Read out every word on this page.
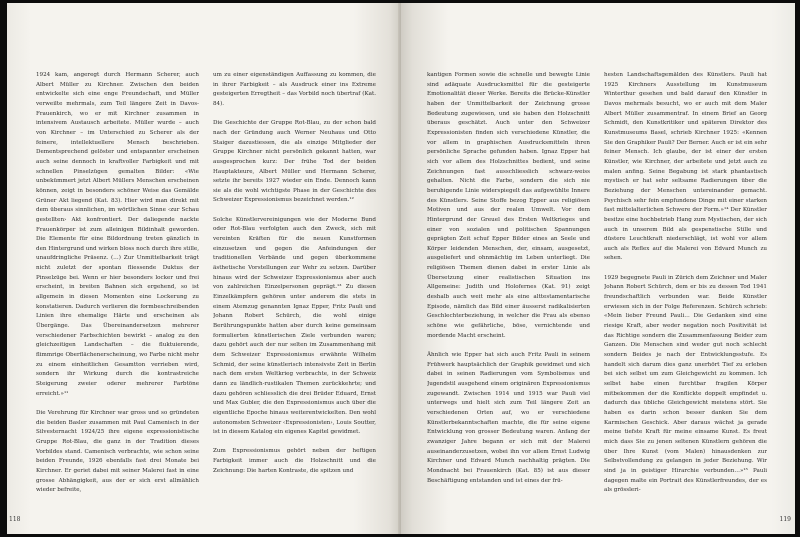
1924 kam, angeregt durch Hermann Scherer, auch Albert Müller zu Kirchner. Zwischen den beiden entwickelte sich eine enge Freundschaft, und Müller verweilte mehrmals, zum Teil längere Zeit in Davos-Frauenkirch, wo er mit Kirchner zusammen in intensivem Austausch arbeitete. Müller wurde – auch von Kirchner – im Unterschied zu Scherer als der feinere, intellektuellere Mensch beschrieben. Dementsprechend gelöster und entspannter erscheinen auch seine dennoch in kraftvoller Farbigkeit und mit schnellen Pinselzügen gemalten Bilder: «Wie unbekümmert jetzt Albert Müllers Menschen erscheinen können, zeigt in besonders schöner Weise das Gemälde Grüner Akt liegend (Kat. 83). Hier wird man direkt mit dem überaus sinnlichen, im wörtlichen Sinne ‹zur Schau gestellten› Akt konfrontiert. Der daliegende nackte Frauenkörper ist zum alleinigen Bildinhalt geworden. Die Elemente für eine Bildordnung treten gänzlich in den Hintergrund und wirken bloss noch durch ihre stille, unaufdringliche Präsenz. (…) Zur Unmittelbarkeit trägt nicht zuletzt der spontan fliessende Duktus der Pinselzüge bei. Wenn er hier besonders locker und frei erscheint, in breiten Bahnen sich ergehend, so ist allgemein in diesen Momenten eine Lockerung zu konstatieren. Dadurch verlieren die formbeschreibenden Linien ihre ehemalige Härte und erscheinen als Übergänge. Das Übereinandersetzen mehrerer verschiedener Farbschichten bewirkt – analog zu den gleichzeitigen Landschaften – die fluktuierende, flimmrige Oberflächenerscheinung, wo Farbe nicht mehr zu einem einheitlichen Gesamtton verrieben wird, sondern ihr Wirkung durch die kontrastreiche Steigerung zweier oderer mehrerer Farbtöne erreicht.»¹¹

Die Verehrung für Kirchner war gross und so gründeten die beiden Basler zusammen mit Paul Camenisch in der Silvesternacht 1924/25 ihre eigene expressionistische Gruppe Rot-Blau, die ganz in der Tradition dieses Vorbildes stand. Camenisch verbrachte, wie schon seine beiden Freunde, 1926 ebenfalls fast drei Monate bei Kirchner. Er geriet dabei mit seiner Malerei fast in eine grosse Abhängigkeit, aus der er sich erst allmählich wieder befreite,

um zu einer eigenständigen Auffassung zu kommen, die in ihrer Farbigkeit – als Ausdruck einer ins Extreme gesteigerten Erregtheit – das Vorbild noch übertraf (Kat. 84).

Die Geschichte der Gruppe Rot-Blau, zu der schon bald nach der Gründung auch Werner Neuhaus und Otto Staiger dazustiessen, die als einzige Mitglieder der Gruppe Kirchner nicht persönlich gekannt hatten, war ausgesprochen kurz: Der frühe Tod der beiden Hauptakteure, Albert Müller und Hermann Scherer, setzte ihr bereits 1927 wieder ein Ende. Dennoch kann sie als die wohl wichtigste Phase in der Geschichte des Schweizer Expressionismus bezeichnet werden.¹²

Solche Künstlervereinigungen wie der Moderne Bund oder Rot-Blau verfolgten auch den Zweck, sich mit vereinten Kräften für die neuen Kunstformen einzusetzen und gegen die Anfeindungen der traditionellen Verbände und gegen überkommene ästhetische Vorstellungen zur Wehr zu setzen. Darüber hinaus wird der Schweizer Expressionismus aber auch von zahlreichen Einzelpersonen geprägt.¹³ Zu diesen Einzelkämpfern gehören unter anderem die stets in einem Atemzug genannten Ignaz Epper, Fritz Pauli und Johann Robert Schürch, die wohl einige Berührungspunkte hatten aber durch keine gemeinsam formulierten künstlerischen Ziele verbunden waren; dazu gehört auch der nur selten im Zusammenhang mit dem Schweizer Expressionismus erwähnte Wilhelm Schmid, der seine künstlerisch intensivste Zeit in Berlin nach dem ersten Weltkrieg verbrachte, in der Schweiz dann zu ländlich-rustikalen Themen zurückkehrte; und dazu gehören schliesslich die drei Brüder Eduard, Ernst und Max Gubler, die den Expressionismus auch über die eigentliche Epoche hinaus weiterentwickelten. Den wohl autonomsten Schweizer ‹Expressionisten›, Louis Soutter, ist in diesem Katalog ein eigenes Kapitel gewidmet.

Zum Expressionismus gehört neben der heftigen Farbigkeit immer auch die Holzschnitt und die Zeichnung: Die harten Kontraste, die spitzen und

118

kantigen Formen sowie die schnelle und bewegte Linie sind adäquate Ausdrucksmittel für die gesteigerte Emotionalität dieser Werke. Bereits die Brücke-Künstler haben der Unmittelbarkeit der Zeichnung grosse Bedeutung zugewiesen, und sie haben den Holzschnitt überaus geschätzt. Auch unter den Schweizer Expressionisten finden sich verschiedene Künstler, die vor allem in graphischen Ausdrucksmitteln ihren persönliche Sprache gefunden haben. Ignaz Epper hat sich vor allem des Holzschnittes bedient, und seine Zeichnungen fast ausschliesslich schwarz-weiss gehalten. Nicht die Farbe, sondern die sich nie beruhigende Linie widerspiegelt das aufgewühlte Innere des Künstlers. Seine Stoffe bezog Epper aus religiösen Motiven und aus der realen Umwelt. Vor dem Hintergrund der Greuel des Ersten Weltkrieges und einer von sozialen und politischen Spannungen geprägten Zeit schuf Epper Bilder eines an Seele und Körper leidenden Menschen, der, einsam, ausgesetzt, ausgeliefert und ohnmächtig im Leben unterliegt. Die religiösen Themen dienen dabei in erster Linie als Übersetzung einer realistischen Situation ins Allgemeine: Judith und Holofernes (Kat. 91) zeigt deshalb auch weit mehr als eine alttestamentarische Episode, nämlich das Bild einer äusserst radikalisierten Geschlechterbeziehung, in welcher die Frau als ebenso schöne wie gefährliche, böse, vernichtende und mordende Macht erscheint.

Ähnlich wie Epper hat sich auch Fritz Pauli in seinem Frühwerk hauptsächlich der Graphik gewidmet und sich dabei in seinen Radierungen vom Symbolismus und Jugendstil ausgehend einem originären Expressionismus zugewandt. Zwischen 1914 und 1915 war Pauli viel unterwegs und hielt sich zum Teil längere Zeit an verschiedenen Orten auf, wo er verschiedene Künstlerbekanntschaften machte, die für seine eigene Entwicklung von grosser Bedeutung waren. Anfang der zwanziger Jahre begann er sich mit der Malerei auseinanderzusetzen, wobei ihn vor allem Ernst Ludwig Kirchner und Edvard Munch nachhaltig prägten. Die Mondnacht bei Frauenkirch (Kat. 85) ist aus dieser Beschäftigung entstanden und ist eines der frü-

hesten Landschaftsgemälden des Künstlers. Pauli hat 1925 Kirchners Ausstellung im Kunstmuseum Winterthur gesehen und bald darauf den Künstler in Davos mehrmals besucht, wo er auch mit dem Maler Albert Müller zusammentraf. In einem Brief an Georg Schmidt, den Kunstkritiker und späteren Direktor des Kunstmuseums Basel, schrieb Kirchner 1925: «Kennen Sie den Graphiker Pauli? Der Berner. Auch er ist ein sehr feiner Mensch. Ich glaube, der ist einer der ersten Künstler, wie Kirchner, der arbeitete und jetzt auch zu malen anfing. Seine Begabung ist stark phantastisch mystisch er hat sehr seltsame Radierungen über die Beziehung der Menschen untereinander gemacht. Psychisch sehr fein empfundene Dinge mit einer starken fast mittelalterlichen Schwere der Form.»¹⁴ Der Künstler besitze eine hochbetrieb Hang zum Mystischen, der sich auch in unserem Bild als gespenstische Stille und düstere Leuchtkraft niederschlägt, ist wohl vor allem auch als Reflex auf die Malerei von Edvard Munch zu sehen.

1929 begegnete Pauli in Zürich dem Zeichner und Maler Johann Robert Schürch, dem er bis zu dessen Tod 1941 freundschaftlich verbunden war. Beide Künstler erwiesen sich in der Folge Referenzen. Schürch schrieb: «Mein lieber Freund Pauli… Die Gedanken sind eine riesige Kraft, aber weder negation noch Positivität ist das Richtige sondern die Zusammenfassung Beider zum Ganzen. Die Menschen sind weder gut noch schlecht sondern Beides je nach der Entwicklungsstufe. Es handelt sich darum dies ganz unerhört Tief zu erleben bei sich selbst um zum Gleichgewicht zu kommen. Ich selbst habe einen furchtbar fragilen Körper mitbekommen der die Konflickte doppelt empfindet u. dadurch das übliche Gleichgewicht meistens stört. Sie haben es darin schon besser danken Sie dem Karmischen Geschick. Aber daraus wächst ja gerade meine tiefste Kraft für meine einsame Kunst. Es freut mich dass Sie zu jenen seltenen Künstlern gehören die über Ihre Kunst (vom Malen) hinausdenken zur Selbstvollendung zu gelangen in jeder Beziehung. Wir sind ja in geistiger Hirarchie verbunden…»¹⁵ Pauli dagegen malte ein Portrait des Künstlerfreundes, der es als grössleri-

119
